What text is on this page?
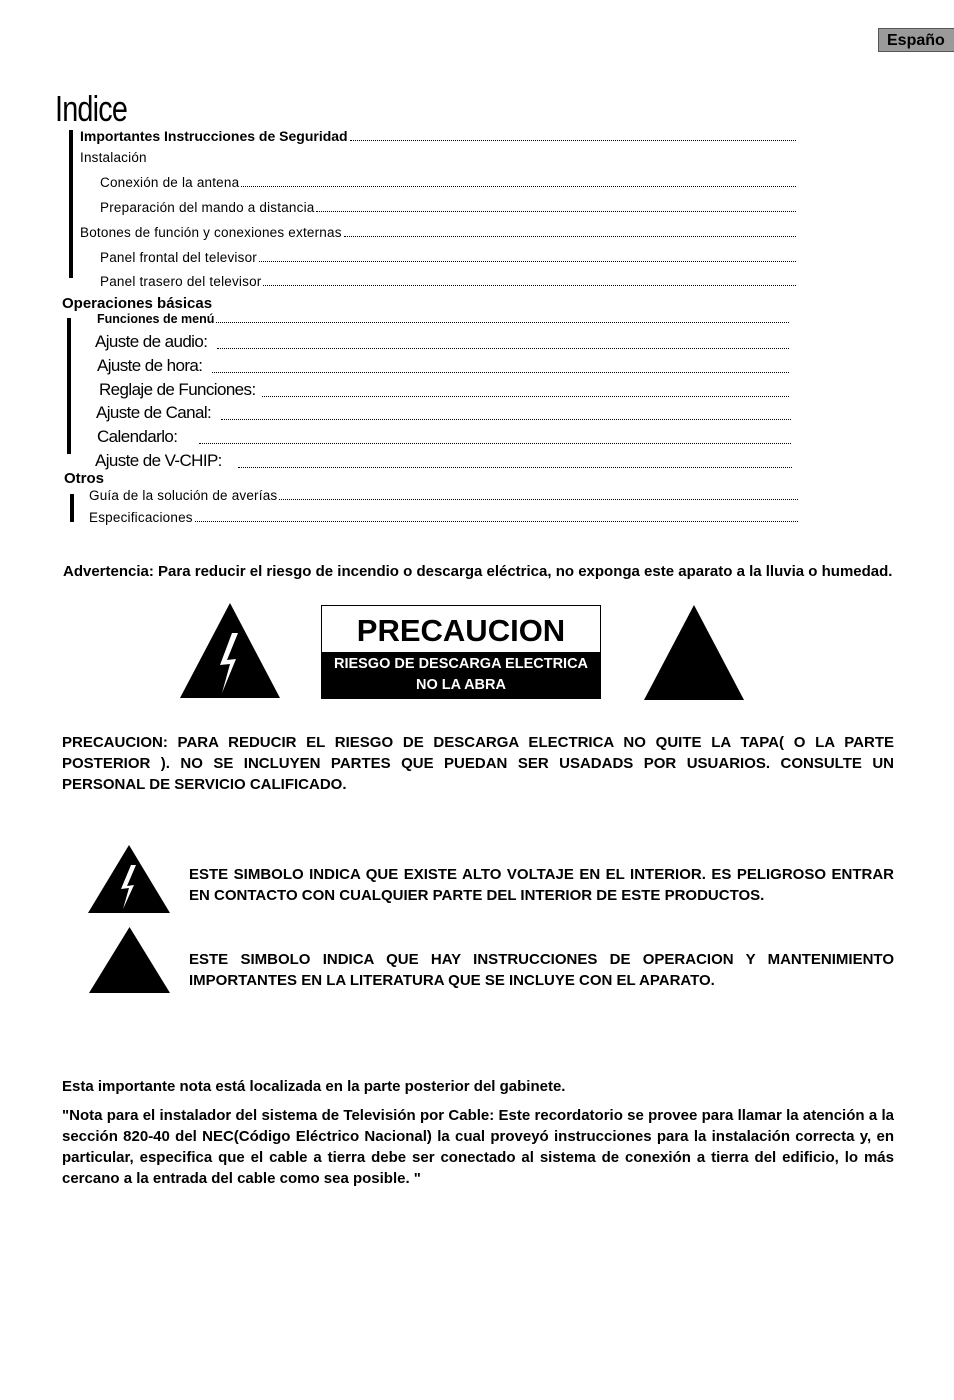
Españo
Indice
Importantes Instrucciones de Seguridad
Instalación
Conexión de la antena
Preparación del mando a distancia
Botones de función y conexiones externas
Panel frontal del televisor
Panel trasero del televisor
Operaciones básicas
Funciones de menú
Ajuste de audio:
Ajuste de hora:
Reglaje de Funciones:
Ajuste de Canal:
Calendarlo:
Ajuste de V-CHIP:
Otros
Guía de la solución de averías
Especificaciones
Advertencia: Para reducir el riesgo de incendio o descarga eléctrica, no exponga este aparato a la lluvia o humedad.
PRECAUCION
RIESGO DE DESCARGA ELECTRICA
NO LA ABRA
PRECAUCION: PARA REDUCIR EL RIESGO DE DESCARGA ELECTRICA NO QUITE LA TAPA( O LA PARTE POSTERIOR ). NO SE INCLUYEN PARTES QUE PUEDAN SER USADADS POR USUARIOS. CONSULTE UN PERSONAL DE SERVICIO CALIFICADO.
ESTE SIMBOLO INDICA QUE EXISTE ALTO VOLTAJE EN EL INTERIOR. ES PELIGROSO ENTRAR EN CONTACTO CON CUALQUIER PARTE DEL INTERIOR DE ESTE PRODUCTOS.
ESTE SIMBOLO INDICA QUE HAY INSTRUCCIONES DE OPERACION Y MANTENIMIENTO IMPORTANTES EN LA LITERATURA QUE SE INCLUYE CON EL APARATO.
Esta importante nota está localizada en la parte posterior del gabinete.
"Nota para el instalador del sistema de Televisión por Cable: Este recordatorio se provee para llamar la atención a la sección 820-40 del NEC(Código Eléctrico Nacional) la cual proveyó instrucciones para la instalación correcta y, en particular, especifica que el cable a tierra debe ser conectado al sistema de conexión a tierra del edificio, lo más cercano a la entrada del cable como sea posible. "
